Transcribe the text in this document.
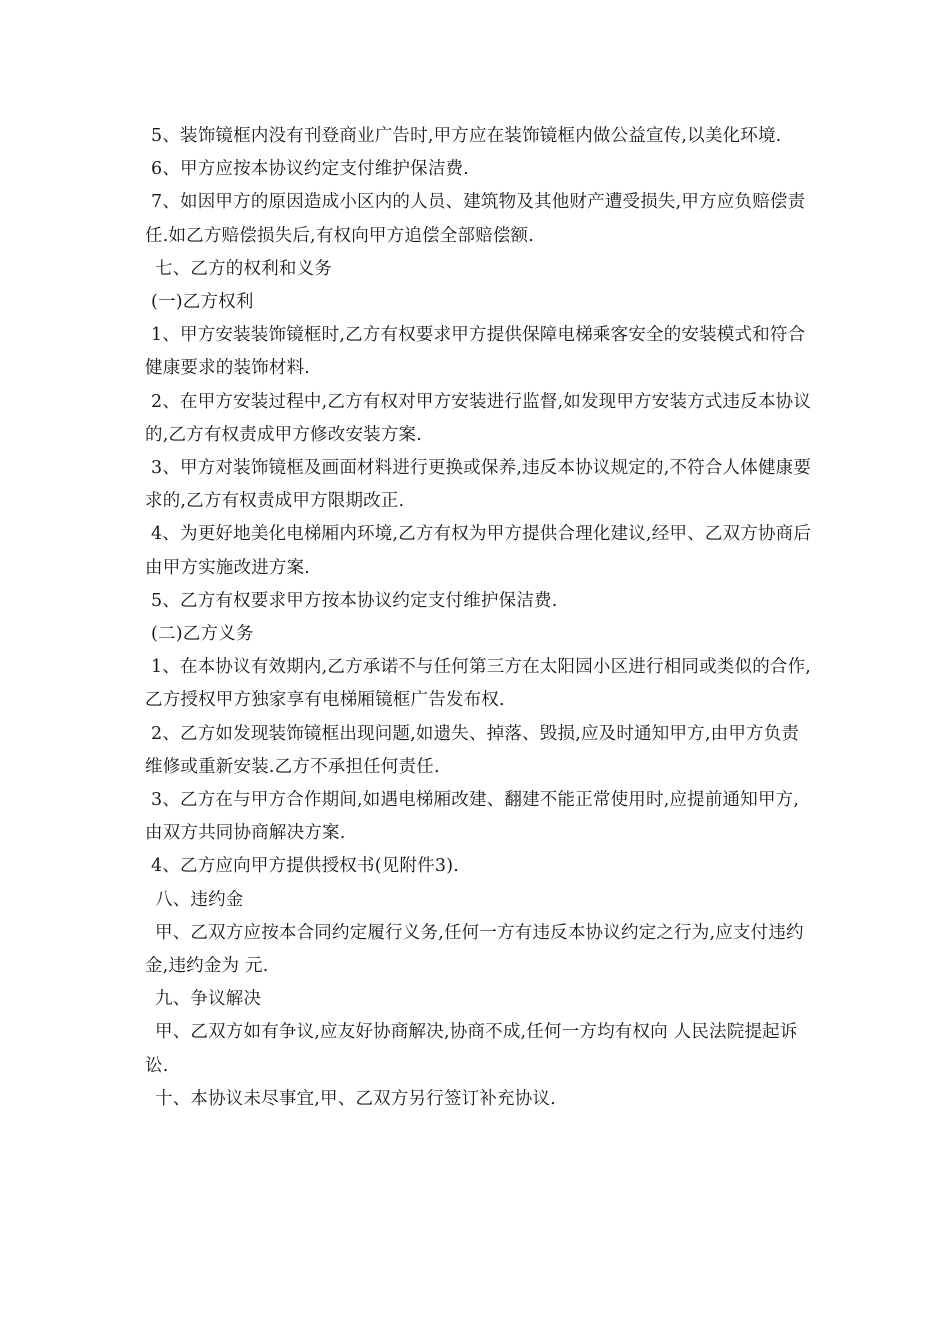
5、装饰镜框内没有刊登商业广告时,甲方应在装饰镜框内做公益宣传,以美化环境.

6、甲方应按本协议约定支付维护保洁费.

7、如因甲方的原因造成小区内的人员、建筑物及其他财产遭受损失,甲方应负赔偿责任.如乙方赔偿损失后,有权向甲方追偿全部赔偿额.

七、乙方的权利和义务

(一)乙方权利

1、甲方安装装饰镜框时,乙方有权要求甲方提供保障电梯乘客安全的安装模式和符合健康要求的装饰材料.

2、在甲方安装过程中,乙方有权对甲方安装进行监督,如发现甲方安装方式违反本协议的,乙方有权责成甲方修改安装方案.

3、甲方对装饰镜框及画面材料进行更换或保养,违反本协议规定的,不符合人体健康要求的,乙方有权责成甲方限期改正.

4、为更好地美化电梯厢内环境,乙方有权为甲方提供合理化建议,经甲、乙双方协商后由甲方实施改进方案.

5、乙方有权要求甲方按本协议约定支付维护保洁费.

(二)乙方义务

1、在本协议有效期内,乙方承诺不与任何第三方在太阳园小区进行相同或类似的合作,乙方授权甲方独家享有电梯厢镜框广告发布权.

2、乙方如发现装饰镜框出现问题,如遗失、掉落、毁损,应及时通知甲方,由甲方负责维修或重新安装.乙方不承担任何责任.

3、乙方在与甲方合作期间,如遇电梯厢改建、翻建不能正常使用时,应提前通知甲方,由双方共同协商解决方案.

4、乙方应向甲方提供授权书(见附件3).

八、违约金

甲、乙双方应按本合同约定履行义务,任何一方有违反本协议约定之行为,应支付违约金,违约金为 元.

九、争议解决

甲、乙双方如有争议,应友好协商解决,协商不成,任何一方均有权向 人民法院提起诉讼.

十、本协议未尽事宜,甲、乙双方另行签订补充协议.
